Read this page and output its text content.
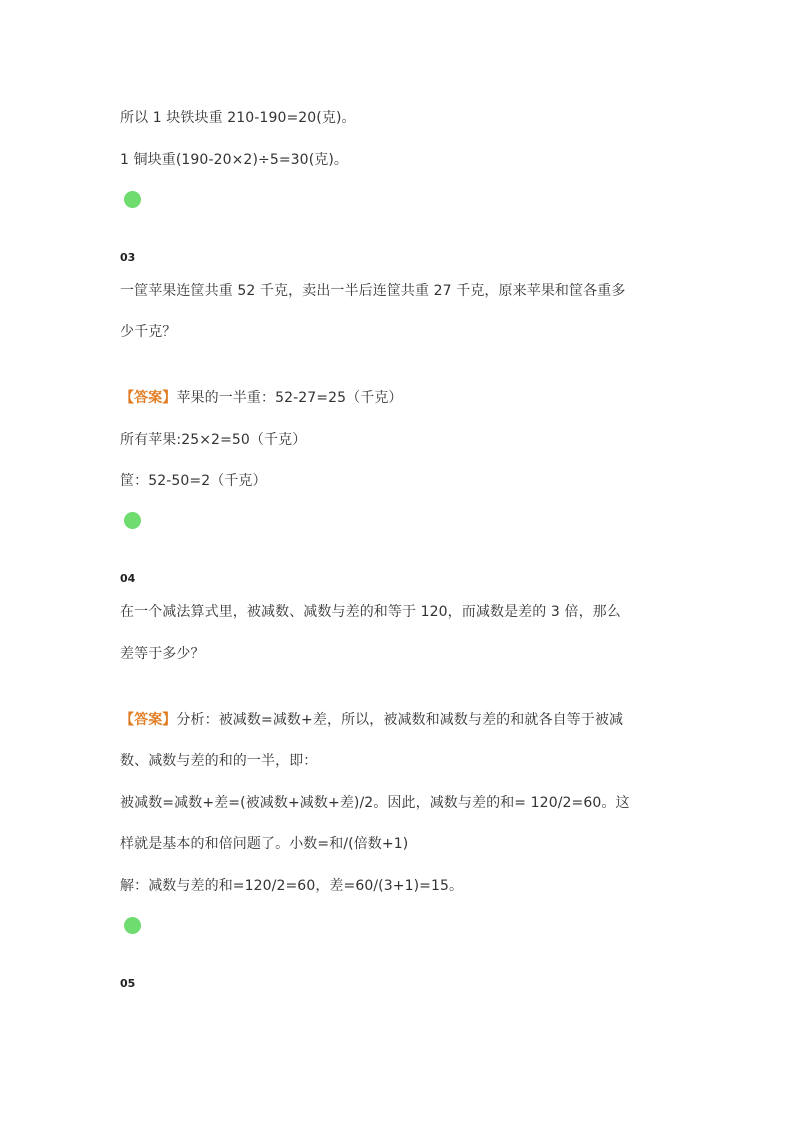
所以 1 块铁块重 210-190=20(克)。
1 铜块重(190-20×2)÷5=30(克)。
03
一筐苹果连筐共重 52 千克，卖出一半后连筐共重 27 千克，原来苹果和筐各重多
少千克？
【答案】苹果的一半重：52-27=25（千克）
所有苹果:25×2=50（千克）
筐：52-50=2（千克）
04
在一个减法算式里，被减数、减数与差的和等于 120，而减数是差的 3 倍，那么
差等于多少？
【答案】分析：被减数=减数+差，所以，被减数和减数与差的和就各自等于被减
数、减数与差的和的一半，即：
被减数=减数+差=(被减数+减数+差)/2。因此，减数与差的和= 120/2=60。这
样就是基本的和倍问题了。小数=和/(倍数+1)
解：减数与差的和=120/2=60，差=60/(3+1)=15。
05
